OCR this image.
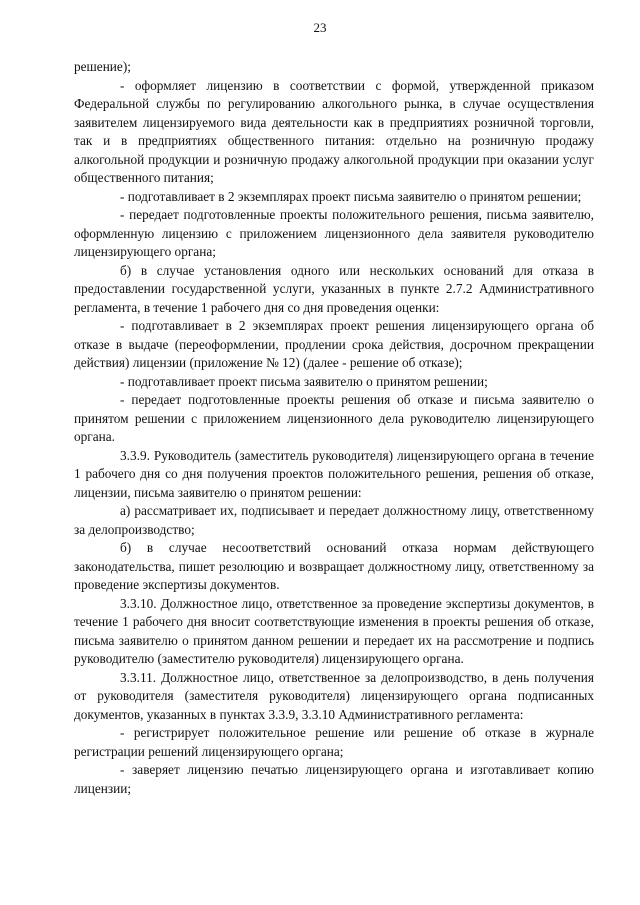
23

решение);

- оформляет лицензию в соответствии с формой, утвержденной приказом Федеральной службы по регулированию алкогольного рынка, в случае осуществления заявителем лицензируемого вида деятельности как в предприятиях розничной торговли, так и в предприятиях общественного питания: отдельно на розничную продажу алкогольной продукции и розничную продажу алкогольной продукции при оказании услуг общественного питания;

- подготавливает в 2 экземплярах проект письма заявителю о принятом решении;

- передает подготовленные проекты положительного решения, письма заявителю, оформленную лицензию с приложением лицензионного дела заявителя руководителю лицензирующего органа;

б) в случае установления одного или нескольких оснований для отказа в предоставлении государственной услуги, указанных в пункте 2.7.2 Административного регламента, в течение 1 рабочего дня со дня проведения оценки:

- подготавливает в 2 экземплярах проект решения лицензирующего органа об отказе в выдаче (переоформлении, продлении срока действия, досрочном прекращении действия) лицензии (приложение № 12) (далее - решение об отказе);

- подготавливает проект письма заявителю о принятом решении;

- передает подготовленные проекты решения об отказе и письма заявителю о принятом решении с приложением лицензионного дела руководителю лицензирующего органа.

3.3.9. Руководитель (заместитель руководителя) лицензирующего органа в течение 1 рабочего дня со дня получения проектов положительного решения, решения об отказе, лицензии, письма заявителю о принятом решении:

а) рассматривает их, подписывает и передает должностному лицу, ответственному за делопроизводство;

б) в случае несоответствий оснований отказа нормам действующего законодательства, пишет резолюцию и возвращает должностному лицу, ответственному за проведение экспертизы документов.

3.3.10. Должностное лицо, ответственное за проведение экспертизы документов, в течение 1 рабочего дня вносит соответствующие изменения в проекты решения об отказе, письма заявителю о принятом данном решении и передает их на рассмотрение и подпись руководителю (заместителю руководителя) лицензирующего органа.

3.3.11. Должностное лицо, ответственное за делопроизводство, в день получения от руководителя (заместителя руководителя) лицензирующего органа подписанных документов, указанных в пунктах 3.3.9, 3.3.10 Административного регламента:

- регистрирует положительное решение или решение об отказе в журнале регистрации решений лицензирующего органа;

- заверяет лицензию печатью лицензирующего органа и изготавливает копию лицензии;
